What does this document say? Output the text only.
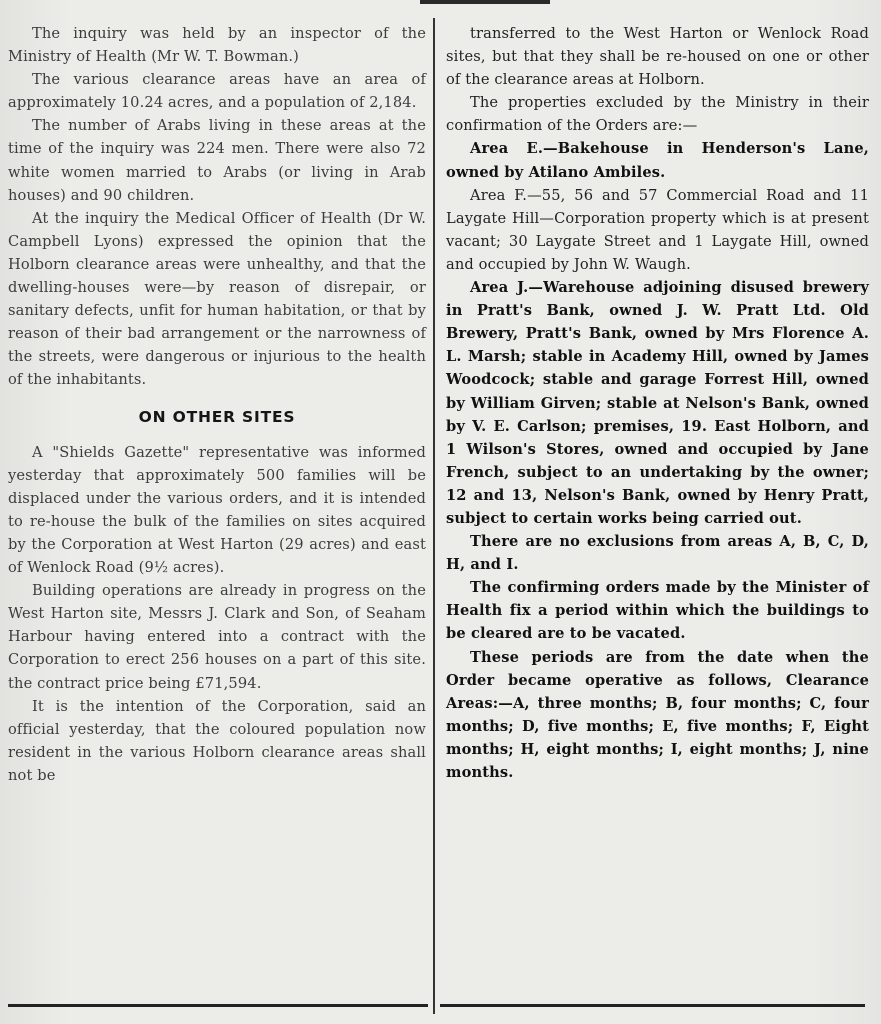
The inquiry was held by an inspector of the Ministry of Health (Mr W. T. Bowman.)

The various clearance areas have an area of approximately 10.24 acres, and a population of 2,184.

The number of Arabs living in these areas at the time of the inquiry was 224 men. There were also 72 white women married to Arabs (or living in Arab houses) and 90 children.

At the inquiry the Medical Officer of Health (Dr W. Campbell Lyons) expressed the opinion that the Holborn clearance areas were unhealthy, and that the dwelling-houses were—by reason of disrepair, or sanitary defects, unfit for human habitation, or that by reason of their bad arrangement or the narrowness of the streets, were dangerous or injurious to the health of the inhabitants.

ON OTHER SITES

A "Shields Gazette" representative was informed yesterday that approximately 500 families will be displaced under the various orders, and it is intended to re-house the bulk of the families on sites acquired by the Corporation at West Harton (29 acres) and east of Wenlock Road (9½ acres).

Building operations are already in progress on the West Harton site, Messrs J. Clark and Son, of Seaham Harbour having entered into a contract with the Corporation to erect 256 houses on a part of this site. the contract price being £71,594.

It is the intention of the Corporation, said an official yesterday, that the coloured population now resident in the various Holborn clearance areas shall not be

transferred to the West Harton or Wenlock Road sites, but that they shall be re-housed on one or other of the clearance areas at Holborn.

The properties excluded by the Ministry in their confirmation of the Orders are:—

Area E.—Bakehouse in Henderson's Lane, owned by Atilano Ambiles.

Area F.—55, 56 and 57 Commercial Road and 11 Laygate Hill—Corporation property which is at present vacant; 30 Laygate Street and 1 Laygate Hill, owned and occupied by John W. Waugh.

Area J.—Warehouse adjoining disused brewery in Pratt's Bank, owned J. W. Pratt Ltd. Old Brewery, Pratt's Bank, owned by Mrs Florence A. L. Marsh; stable in Academy Hill, owned by James Woodcock; stable and garage Forrest Hill, owned by William Girven; stable at Nelson's Bank, owned by V. E. Carlson; premises, 19. East Holborn, and 1 Wilson's Stores, owned and occupied by Jane French, subject to an undertaking by the owner; 12 and 13, Nelson's Bank, owned by Henry Pratt, subject to certain works being carried out.

There are no exclusions from areas A, B, C, D, H, and I.

The confirming orders made by the Minister of Health fix a period within which the buildings to be cleared are to be vacated.

These periods are from the date when the Order became operative as follows, Clearance Areas:—A, three months; B, four months; C, four months; D, five months; E, five months; F, Eight months; H, eight months; I, eight months; J, nine months.
